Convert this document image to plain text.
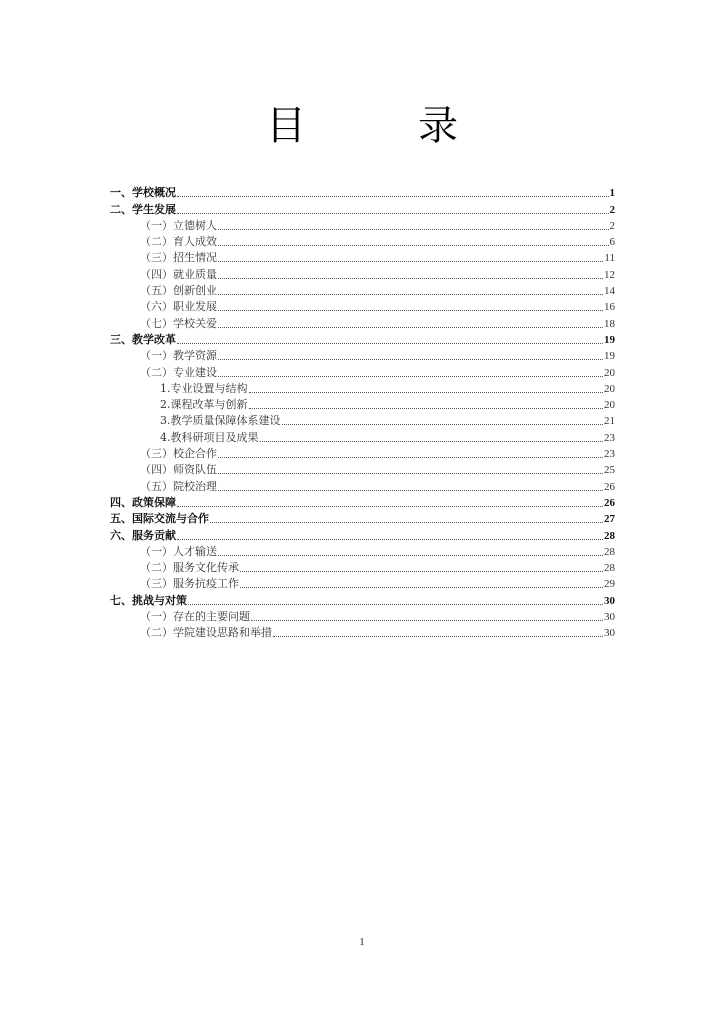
目　录
一、学校概况	1
二、学生发展	2
（一）立德树人	2
（二）育人成效	6
（三）招生情况	11
（四）就业质量	12
（五）创新创业	14
（六）职业发展	16
（七）学校关爱	18
三、教学改革	19
（一）教学资源	19
（二）专业建设	20
1.专业设置与结构	20
2.课程改革与创新	20
3.教学质量保障体系建设	21
4.教科研项目及成果	23
（三）校企合作	23
（四）师资队伍	25
（五）院校治理	26
四、政策保障	26
五、国际交流与合作	27
六、服务贡献	28
（一）人才输送	28
（二）服务文化传承	28
（三）服务抗疫工作	29
七、挑战与对策	30
（一）存在的主要问题	30
（二）学院建设思路和举措	30
1
